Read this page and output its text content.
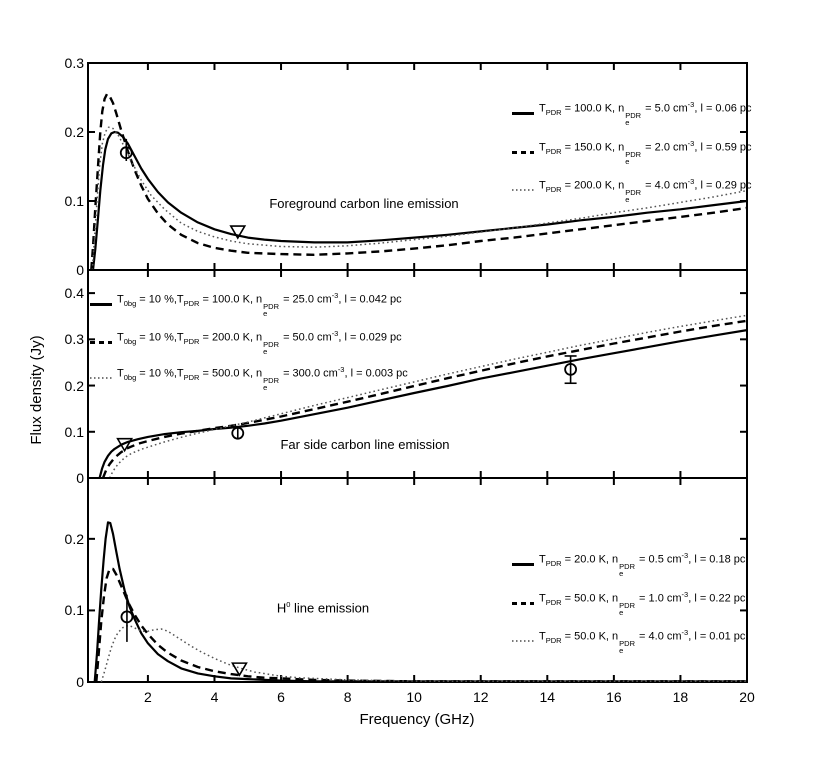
Foreground carbon line emission
Far side carbon line emission
$H^0$ line emission
Frequency (GHz)
Flux density (Jy)
0
0.1
0.2
0.3
0
0.1
0.2
0.3
0.4
0
0.1
0.2
2	4	6	8	10	12	14	16	18	20
$T_{PDR} = 100.0$ K, n
PDR
e
= 5.0 $cm^{-3}$, l = 0.06 pc
$T_{PDR} = 150.0$ K, n
PDR
e
= 2.0 $cm^{-3}$, l = 0.59 pc
$T_{PDR} = 200.0$ K, n
PDR
e
= 4.0 $cm^{-3}$, l = 0.29 pc
$T_{0bg} = 10$ $\%,T_{PDR} = 100.0$ K, n
PDR
e
= 25.0 $cm^{-3}$, l = 0.042 pc
$T_{0bg} = 10$ $\%,T_{PDR} = 200.0$ K, n
PDR
e
= 50.0 $cm^{-3}$, l = 0.029 pc
$T_{0bg} = 10$ $\%,T_{PDR} = 500.0$ K, n
PDR
e
= 300.0 $cm^{-3}$, l = 0.003 pc
$T_{PDR} = 20.0$ K, n
PDR
e
= 0.5 $cm^{-3}$, l = 0.18 pc
$T_{PDR} = 50.0$ K, n
PDR
e
= 1.0 $cm^{-3}$, l = 0.22 pc
$T_{PDR} = 50.0$ K, n
PDR
e
= 4.0 $cm^{-3}$, l = 0.01 pc
